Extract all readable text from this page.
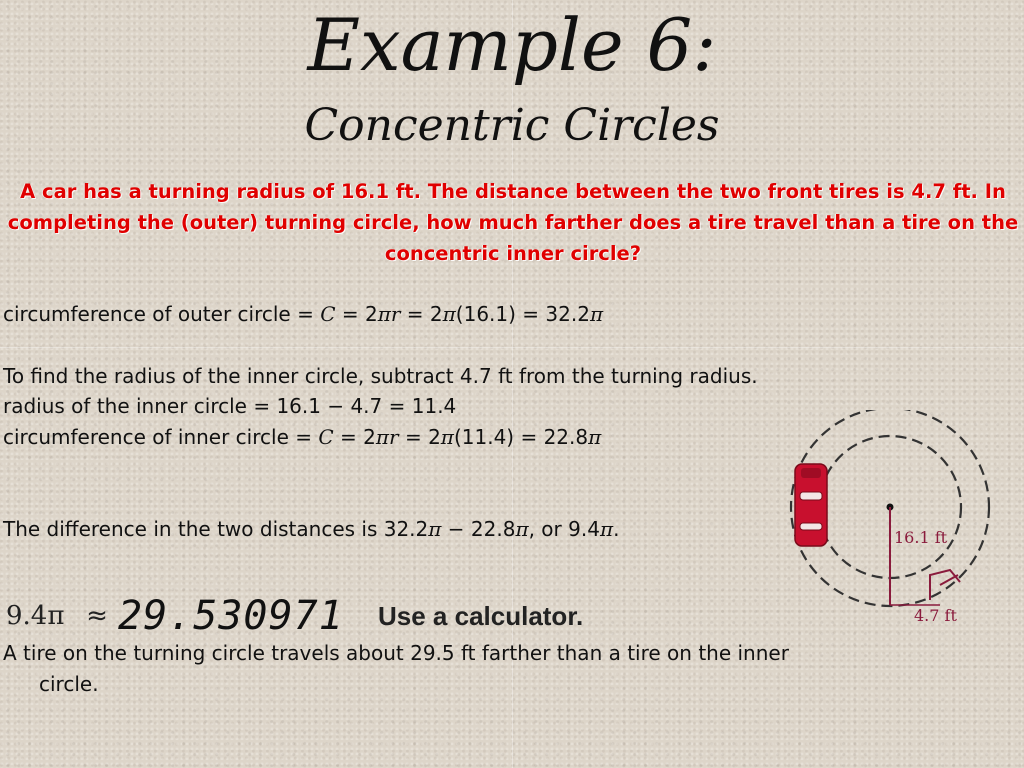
Example 6:
Concentric Circles
A car has a turning radius of 16.1 ft. The distance between the two front tires is 4.7 ft. In completing the (outer) turning circle, how much farther does a tire travel than a tire on the concentric inner circle?
circumference of outer circle = C = 2πr = 2π(16.1) = 32.2π
To find the radius of the inner circle, subtract 4.7 ft from the turning radius.
radius of the inner circle = 16.1 − 4.7 = 11.4
circumference of inner circle = C = 2πr = 2π(11.4) = 22.8π
The difference in the two distances is 32.2π − 22.8π, or 9.4π.
9.4π ≈ 29.530971	Use a calculator.
A tire on the turning circle travels about 29.5 ft farther than a tire on the inner
circle.
16.1 ft
4.7 ft
